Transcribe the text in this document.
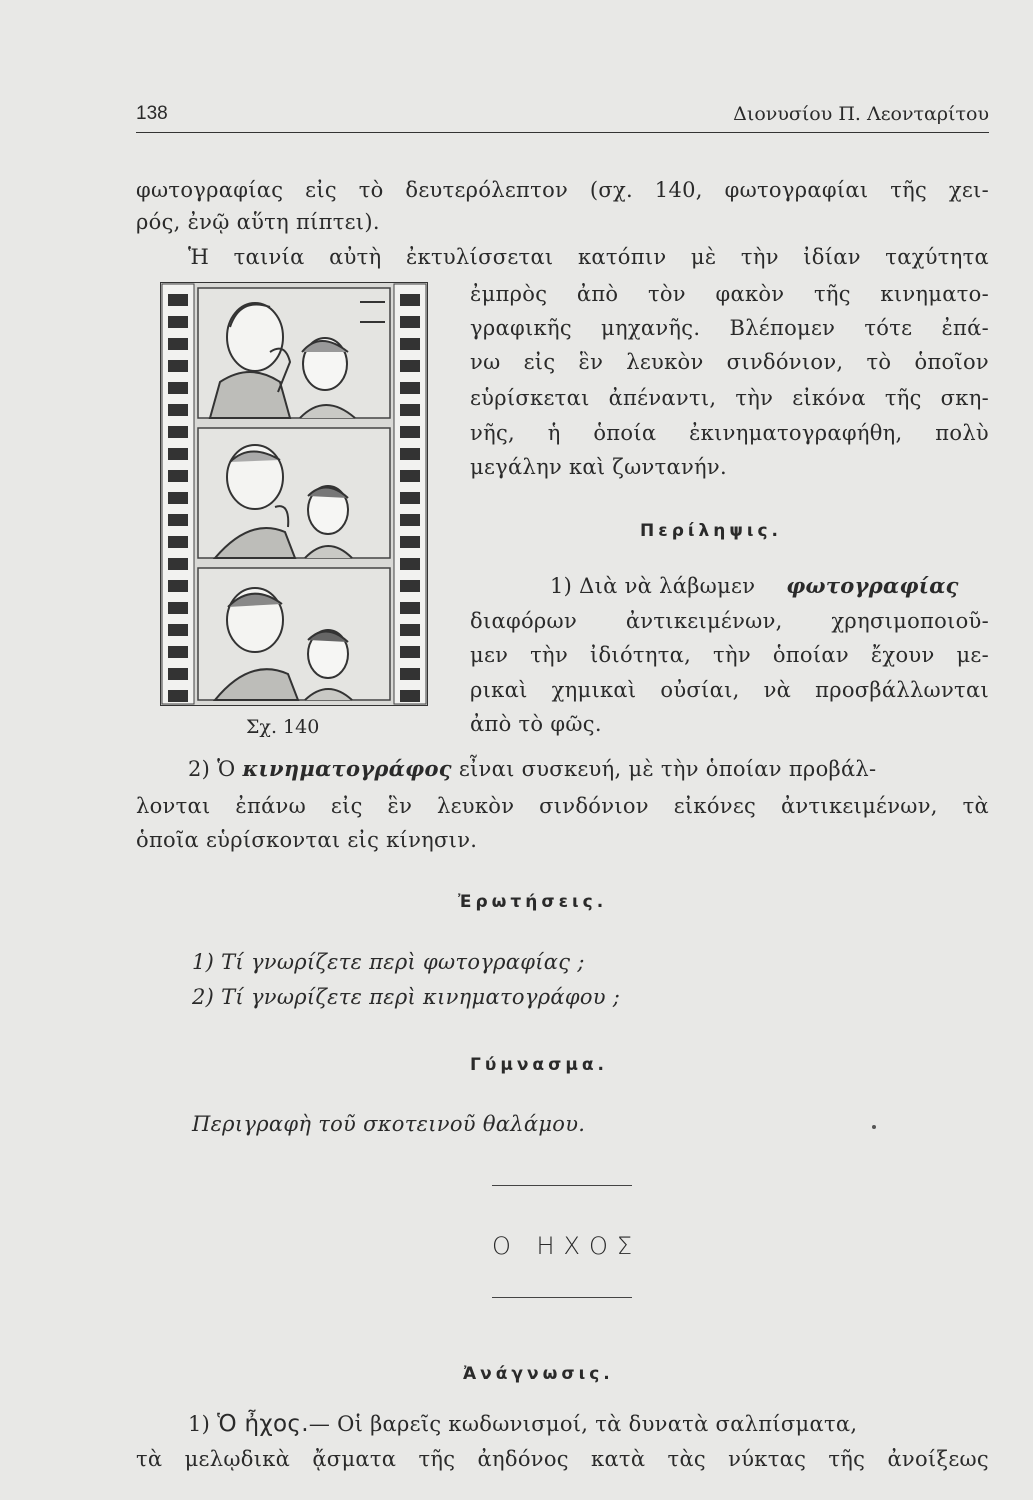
138	Διονυσίου Π. Λεονταρίτου
φωτογραφίας εἰς τὸ δευτερόλεπτον (σχ. 140, φωτογραφίαι τῆς χει-
ρός, ἐνῷ αὕτη πίπτει).
Ἡ ταινία αὐτὴ ἐκτυλίσσεται κατόπιν μὲ τὴν ἰδίαν ταχύτητα
Σχ. 140
ἐμπρὸς ἀπὸ τὸν φακὸν τῆς κινηματο-
γραφικῆς μηχανῆς. Βλέπομεν τότε ἐπά-
νω εἰς ἓν λευκὸν σινδόνιον, τὸ ὁποῖον
εὑρίσκεται ἀπέναντι, τὴν εἰκόνα τῆς σκη-
νῆς, ἡ ὁποία ἐκινηματογραφήθη, πολὺ
μεγάλην καὶ ζωντανήν.
Περίληψις.
1) Διὰ νὰ λάβωμεν φωτογραφίας
διαφόρων ἀντικειμένων, χρησιμοποιοῦ-
μεν τὴν ἰδιότητα, τὴν ὁποίαν ἔχουν με-
ρικαὶ χημικαὶ οὐσίαι, νὰ προσβάλλωνται
ἀπὸ τὸ φῶς.
2) Ὁ κινηματογράφος εἶναι συσκευή, μὲ τὴν ὁποίαν προβάλ-
λονται ἐπάνω εἰς ἓν λευκὸν σινδόνιον εἰκόνες ἀντικειμένων, τὰ
ὁποῖα εὑρίσκονται εἰς κίνησιν.
Ἐρωτήσεις.
1) Τί γνωρίζετε περὶ φωτογραφίας ;
2) Τί γνωρίζετε περὶ κινηματογράφου ;
Γύμνασμα.
Περιγραφὴ τοῦ σκοτεινοῦ θαλάμου.
Ο ΗΧΟΣ
Ἀνάγνωσις.
1) Ὁ ἦχος.— Οἱ βαρεῖς κωδωνισμοί, τὰ δυνατὰ σαλπίσματα,
τὰ μελῳδικὰ ᾄσματα τῆς ἀηδόνος κατὰ τὰς νύκτας τῆς ἀνοίξεως
